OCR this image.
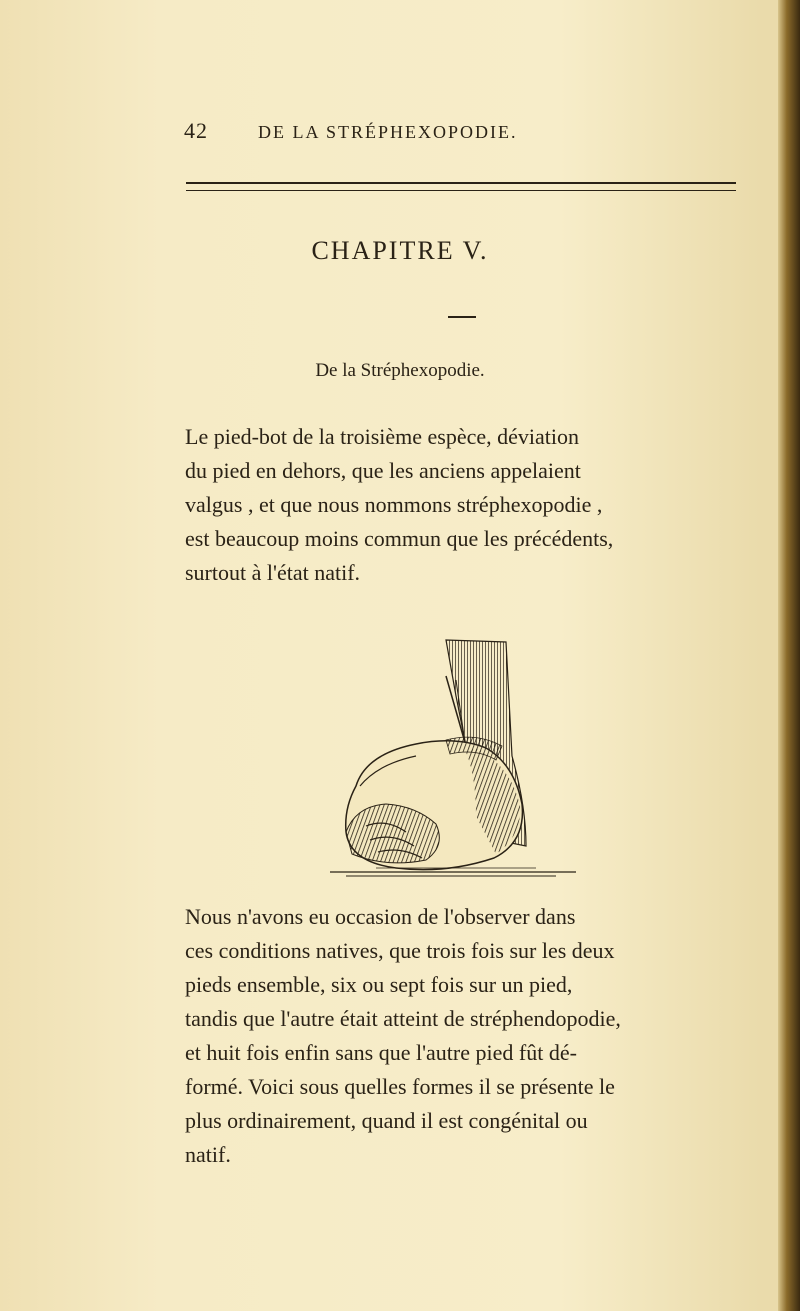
42	DE LA STRÉPHEXOPODIE.
CHAPITRE V.
De la Stréphexopodie.
Le pied-bot de la troisième espèce, déviation
du pied en dehors, que les anciens appelaient
valgus , et que nous nommons stréphexopodie ,
est beaucoup moins commun que les précédents,
surtout à l'état natif.
Nous n'avons eu occasion de l'observer dans
ces conditions natives, que trois fois sur les deux
pieds ensemble, six ou sept fois sur un pied,
tandis que l'autre était atteint de stréphendopodie,
et huit fois enfin sans que l'autre pied fût dé-
formé. Voici sous quelles formes il se présente le
plus ordinairement, quand il est congénital ou
natif.
